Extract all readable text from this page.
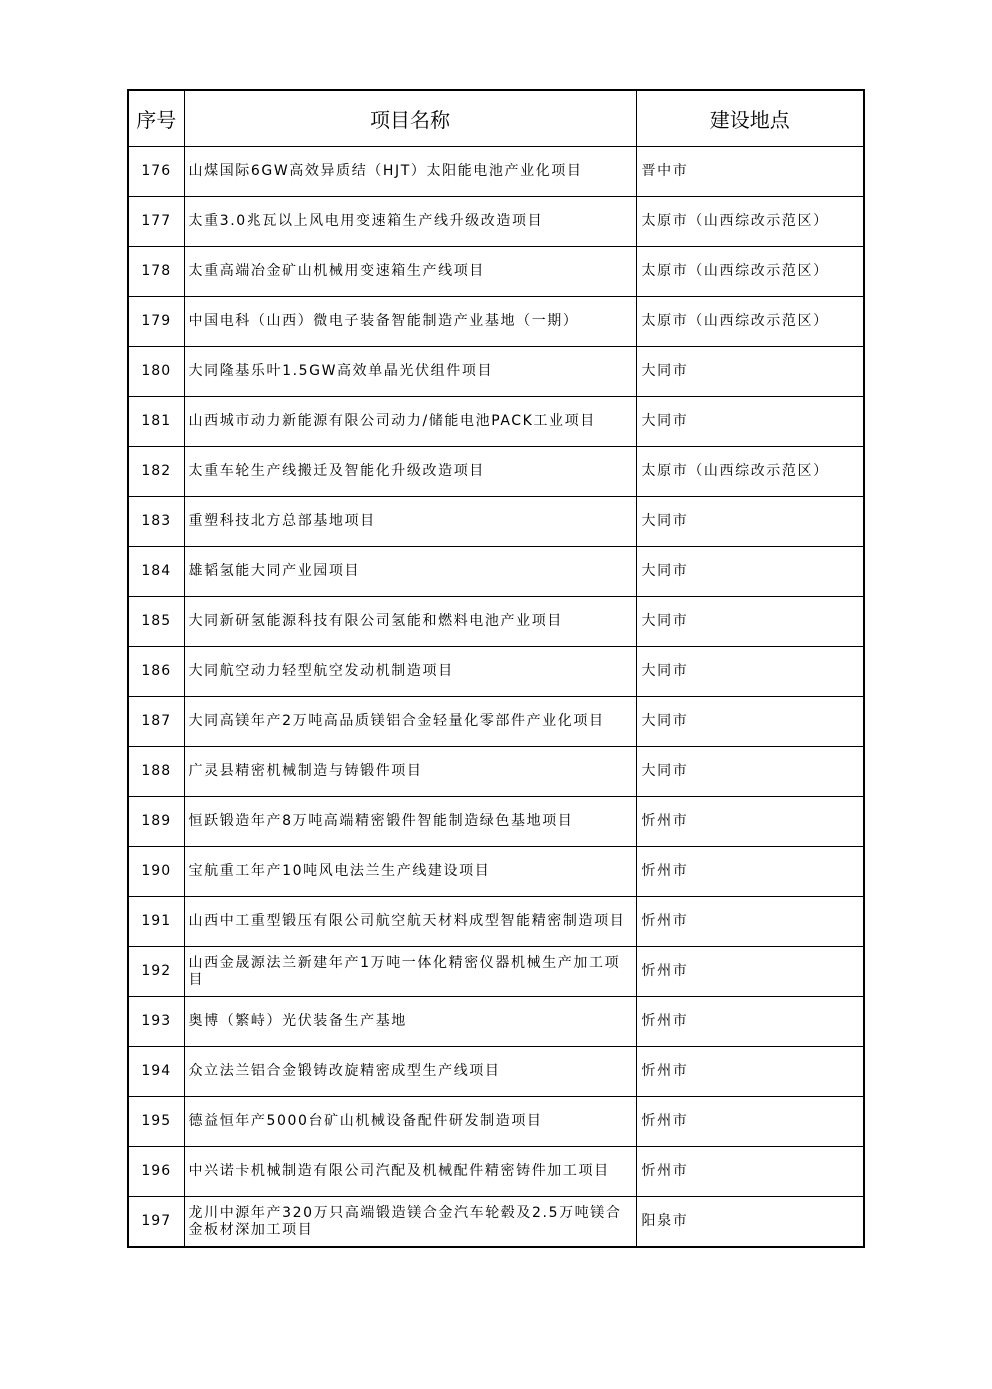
序号	项目名称	建设地点
176	山煤国际6GW高效异质结（HJT）太阳能电池产业化项目	晋中市
177	太重3.0兆瓦以上风电用变速箱生产线升级改造项目	太原市（山西综改示范区）
178	太重高端冶金矿山机械用变速箱生产线项目	太原市（山西综改示范区）
179	中国电科（山西）微电子装备智能制造产业基地（一期）	太原市（山西综改示范区）
180	大同隆基乐叶1.5GW高效单晶光伏组件项目	大同市
181	山西城市动力新能源有限公司动力/储能电池PACK工业项目	大同市
182	太重车轮生产线搬迁及智能化升级改造项目	太原市（山西综改示范区）
183	重塑科技北方总部基地项目	大同市
184	雄韬氢能大同产业园项目	大同市
185	大同新研氢能源科技有限公司氢能和燃料电池产业项目	大同市
186	大同航空动力轻型航空发动机制造项目	大同市
187	大同高镁年产2万吨高品质镁铝合金轻量化零部件产业化项目	大同市
188	广灵县精密机械制造与铸锻件项目	大同市
189	恒跃锻造年产8万吨高端精密锻件智能制造绿色基地项目	忻州市
190	宝航重工年产10吨风电法兰生产线建设项目	忻州市
191	山西中工重型锻压有限公司航空航天材料成型智能精密制造项目	忻州市
192	山西金晟源法兰新建年产1万吨一体化精密仪器机械生产加工项目	忻州市
193	奥博（繁峙）光伏装备生产基地	忻州市
194	众立法兰铝合金锻铸改旋精密成型生产线项目	忻州市
195	德益恒年产5000台矿山机械设备配件研发制造项目	忻州市
196	中兴诺卡机械制造有限公司汽配及机械配件精密铸件加工项目	忻州市
197	龙川中源年产320万只高端锻造镁合金汽车轮毂及2.5万吨镁合金板材深加工项目	阳泉市
